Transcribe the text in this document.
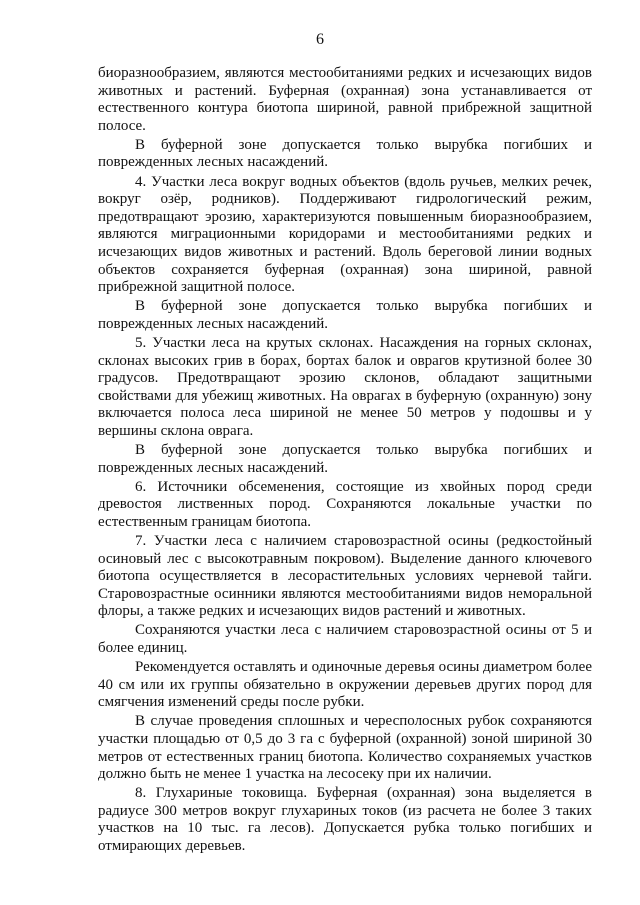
6

биоразнообразием, являются местообитаниями редких и исчезающих видов животных и растений. Буферная (охранная) зона устанавливается от естественного контура биотопа шириной, равной прибрежной защитной полосе.

В буферной зоне допускается только вырубка погибших и поврежденных лесных насаждений.

4. Участки леса вокруг водных объектов (вдоль ручьев, мелких речек, вокруг озёр, родников). Поддерживают гидрологический режим, предотвращают эрозию, характеризуются повышенным биоразнообразием, являются миграционными коридорами и местообитаниями редких и исчезающих видов животных и растений. Вдоль береговой линии водных объектов сохраняется буферная (охранная) зона шириной, равной прибрежной защитной полосе.

В буферной зоне допускается только вырубка погибших и поврежденных лесных насаждений.

5. Участки леса на крутых склонах. Насаждения на горных склонах, склонах высоких грив в борах, бортах балок и оврагов крутизной более 30 градусов. Предотвращают эрозию склонов, обладают защитными свойствами для убежищ животных. На оврагах в буферную (охранную) зону включается полоса леса шириной не менее 50 метров у подошвы и у вершины склона оврага.

В буферной зоне допускается только вырубка погибших и поврежденных лесных насаждений.

6. Источники обсеменения, состоящие из хвойных пород среди древостоя лиственных пород. Сохраняются локальные участки по естественным границам биотопа.

7. Участки леса с наличием старовозрастной осины (редкостойный осиновый лес с высокотравным покровом). Выделение данного ключевого биотопа осуществляется в лесорастительных условиях черневой тайги. Старовозрастные осинники являются местообитаниями видов неморальной флоры, а также редких и исчезающих видов растений и животных.

Сохраняются участки леса с наличием старовозрастной осины от 5 и более единиц.

Рекомендуется оставлять и одиночные деревья осины диаметром более 40 см или их группы обязательно в окружении деревьев других пород для смягчения изменений среды после рубки.

В случае проведения сплошных и чересполосных рубок сохраняются участки площадью от 0,5 до 3 га с буферной (охранной) зоной шириной 30 метров от естественных границ биотопа. Количество сохраняемых участков должно быть не менее 1 участка на лесосеку при их наличии.

8. Глухариные токовища. Буферная (охранная) зона выделяется в радиусе 300 метров вокруг глухариных токов (из расчета не более 3 таких участков на 10 тыс. га лесов). Допускается рубка только погибших и отмирающих деревьев.
